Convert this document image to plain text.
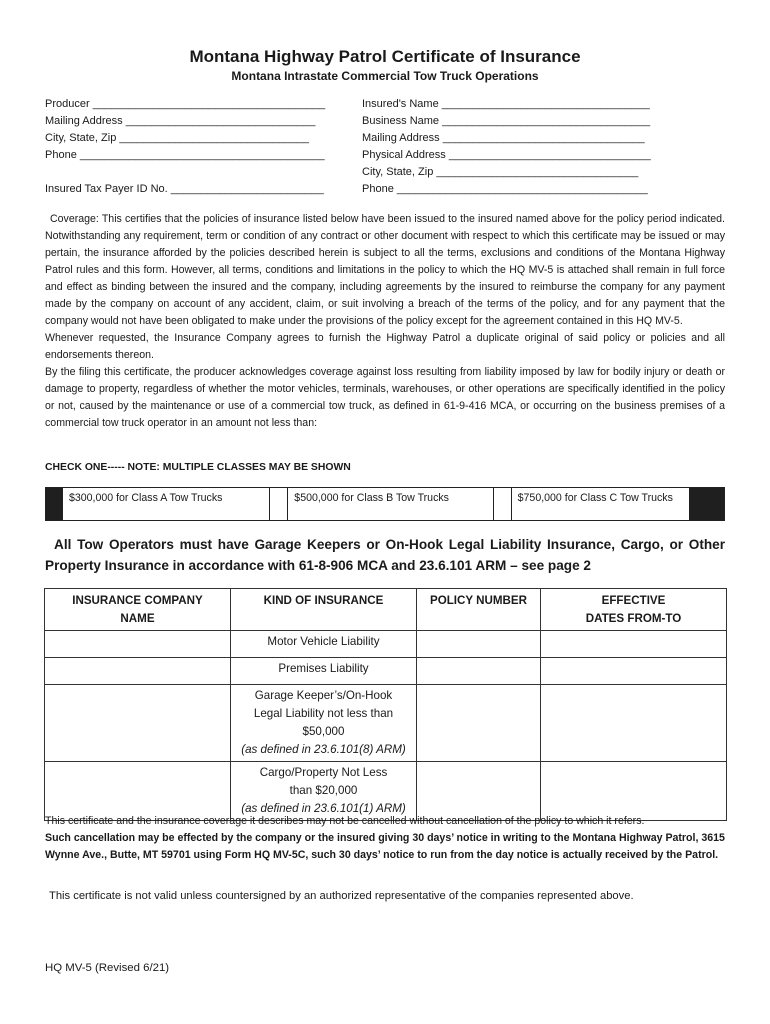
Montana Highway Patrol Certificate of Insurance
Montana Intrastate Commercial Tow Truck Operations
Producer ______________________________________
Mailing Address _______________________________
City, State, Zip _______________________________
Phone ________________________________________
Insured Tax Payer ID No. _________________________
Insured's Name __________________________________
Business Name __________________________________
Mailing Address _________________________________
Physical Address _________________________________
City, State, Zip _________________________________
Phone _________________________________________

Coverage: This certifies that the policies of insurance listed below have been issued to the insured named above for the policy period indicated. Notwithstanding any requirement, term or condition of any contract or other document with respect to which this certificate may be issued or may pertain, the insurance afforded by the policies described herein is subject to all the terms, exclusions and conditions of the Montana Highway Patrol rules and this form. However, all terms, conditions and limitations in the policy to which the HQ MV-5 is attached shall remain in full force and effect as binding between the insured and the company, including agreements by the insured to reimburse the company for any payment made by the company on account of any accident, claim, or suit involving a breach of the terms of the policy, and for any payment that the company would not have been obligated to make under the provisions of the policy except for the agreement contained in this HQ MV-5.

Whenever requested, the Insurance Company agrees to furnish the Highway Patrol a duplicate original of said policy or policies and all endorsements thereon.

By the filing this certificate, the producer acknowledges coverage against loss resulting from liability imposed by law for bodily injury or death or damage to property, regardless of whether the motor vehicles, terminals, warehouses, or other operations are specifically identified in the policy or not, caused by the maintenance or use of a commercial tow truck, as defined in 61-9-416 MCA, or occurring on the business premises of a commercial tow truck operator in an amount not less than:

CHECK ONE----- NOTE: MULTIPLE CLASSES MAY BE SHOWN
$300,000 for Class A Tow Trucks	$500,000 for Class B Tow Trucks	$750,000 for Class C Tow Trucks
All Tow Operators must have Garage Keepers or On-Hook Legal Liability Insurance, Cargo, or Other Property Insurance in accordance with 61-8-906 MCA and 23.6.101 ARM – see page 2
INSURANCE COMPANY NAME	KIND OF INSURANCE	POLICY NUMBER	EFFECTIVE DATES FROM-TO
	Motor Vehicle Liability		
	Premises Liability		

	Garage Keeper’s/On-Hook Legal Liability not less than $50,000
(as defined in 23.6.101(8) ARM)		

	Cargo/Property Not Less than $20,000
(as defined in 23.6.101(1) ARM)		

This certificate and the insurance coverage it describes may not be cancelled without cancellation of the policy to which it refers.
Such cancellation may be effected by the company or the insured giving 30 days’ notice in writing to the Montana Highway Patrol, 3615 Wynne Ave., Butte, MT 59701 using Form HQ MV-5C, such 30 days’ notice to run from the day notice is actually received by the Patrol.
This certificate is not valid unless countersigned by an authorized representative of the companies represented above.
HQ MV-5 (Revised 6/21)
